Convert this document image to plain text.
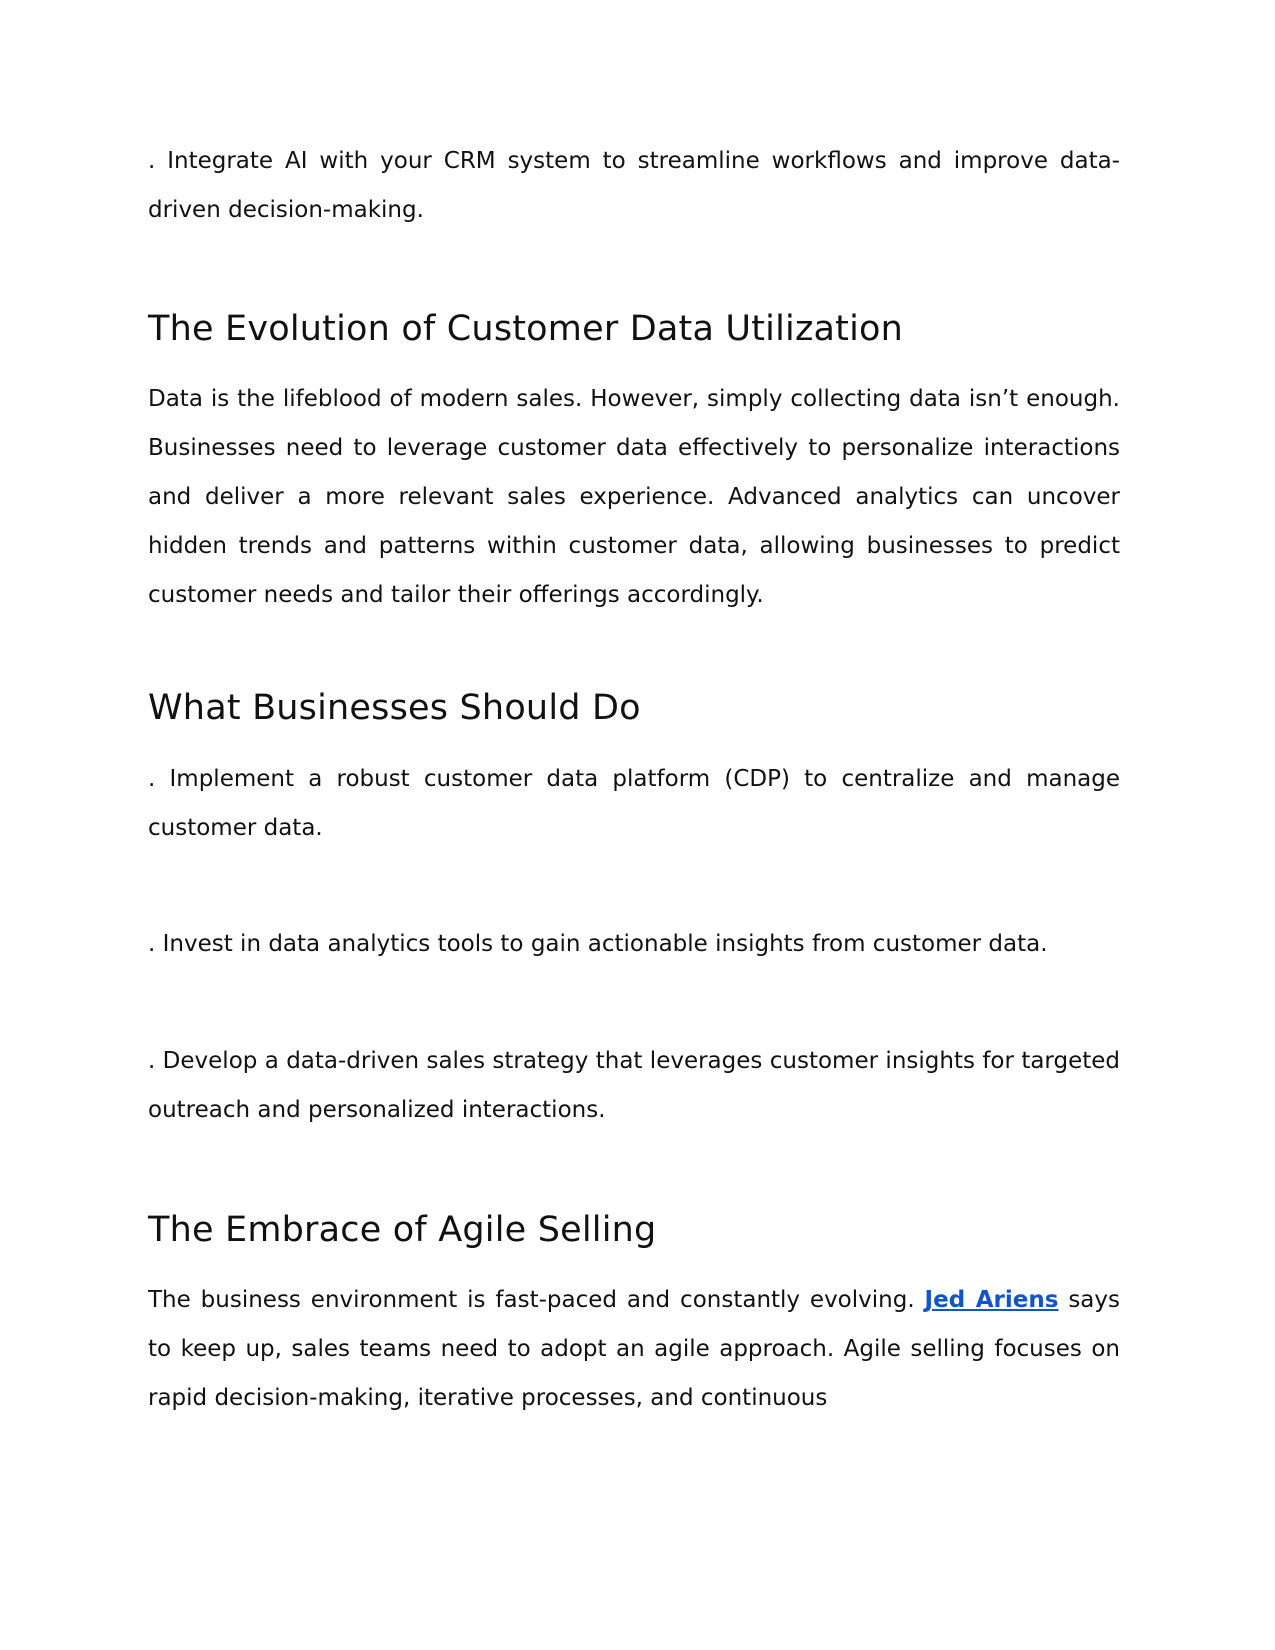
. Integrate AI with your CRM system to streamline workflows and improve data-driven decision-making.

The Evolution of Customer Data Utilization

Data is the lifeblood of modern sales. However, simply collecting data isn’t enough. Businesses need to leverage customer data effectively to personalize interactions and deliver a more relevant sales experience. Advanced analytics can uncover hidden trends and patterns within customer data, allowing businesses to predict customer needs and tailor their offerings accordingly.

What Businesses Should Do

. Implement a robust customer data platform (CDP) to centralize and manage customer data.

. Invest in data analytics tools to gain actionable insights from customer data.

. Develop a data-driven sales strategy that leverages customer insights for targeted outreach and personalized interactions.

The Embrace of Agile Selling

The business environment is fast-paced and constantly evolving. Jed Ariens says to keep up, sales teams need to adopt an agile approach. Agile selling focuses on rapid decision-making, iterative processes, and continuous
